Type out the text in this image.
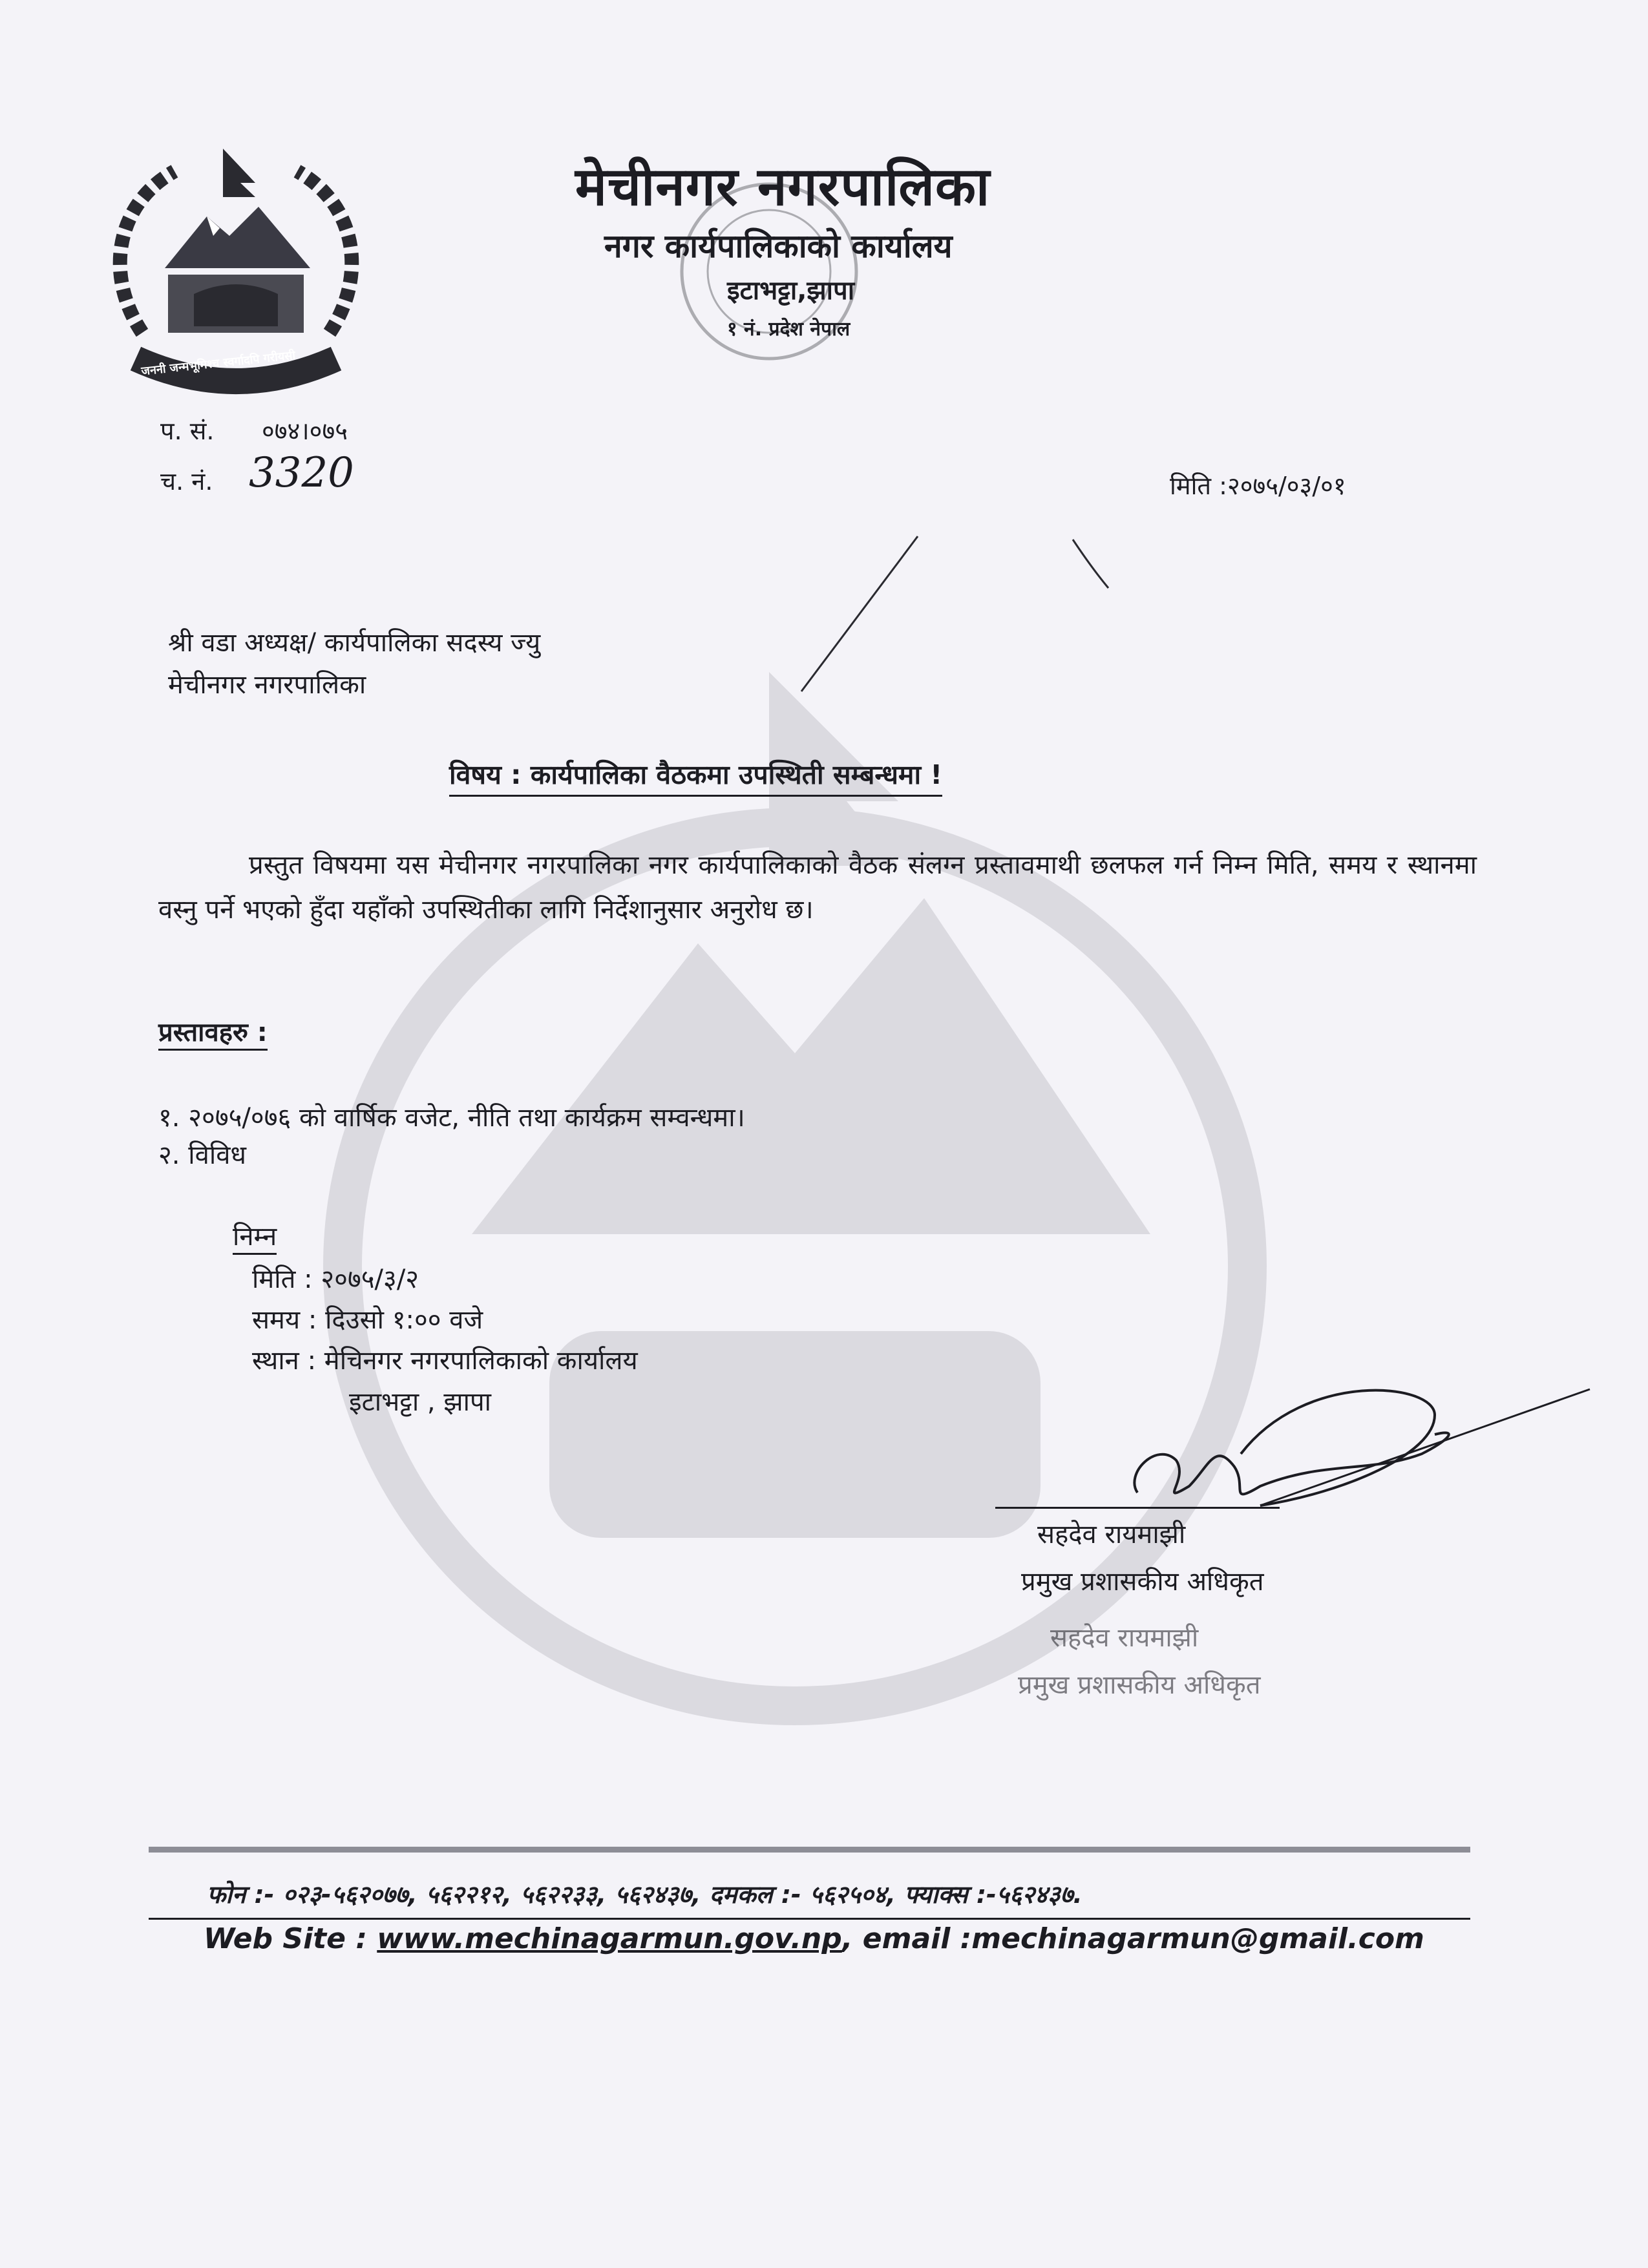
जननी जन्मभूमिश्च स्वर्गादपि गरीयसी
मेचीनगर नगरपालिका
नगर कार्यपालिकाको कार्यालय
इटाभट्टा,झापा
१ नं. प्रदेश नेपाल
प. सं. ०७४।०७५
च. नं. 3320	मिति :२०७५/०३/०१
श्री वडा अध्यक्ष/ कार्यपालिका सदस्य ज्यु
मेचीनगर नगरपालिका
विषय : कार्यपालिका वैठकमा उपस्थिती सम्बन्धमा !
प्रस्तुत विषयमा यस मेचीनगर नगरपालिका नगर कार्यपालिकाको वैठक संलग्न प्रस्तावमाथी छलफल गर्न निम्न मिति, समय र स्थानमा वस्नु पर्ने भएको हुँदा यहाँको उपस्थितीका लागि निर्देशानुसार अनुरोध छ।
प्रस्तावहरु :
१. २०७५/०७६ को वार्षिक वजेट, नीति तथा कार्यक्रम सम्वन्धमा।
२. विविध
निम्न
मिति : २०७५/३/२
समय : दिउसो १:०० वजे
स्थान : मेचिनगर नगरपालिकाको कार्यालय
इटाभट्टा , झापा
सहदेव रायमाझी
प्रमुख प्रशासकीय अधिकृत
सहदेव रायमाझी
प्रमुख प्रशासकीय अधिकृत
फोन :- ०२३-५६२०७७, ५६२२१२, ५६२२३३, ५६२४३७, दमकल :- ५६२५०४, फ्याक्स :-५६२४३७.
Web Site : www.mechinagarmun.gov.np, email :mechinagarmun@gmail.com
